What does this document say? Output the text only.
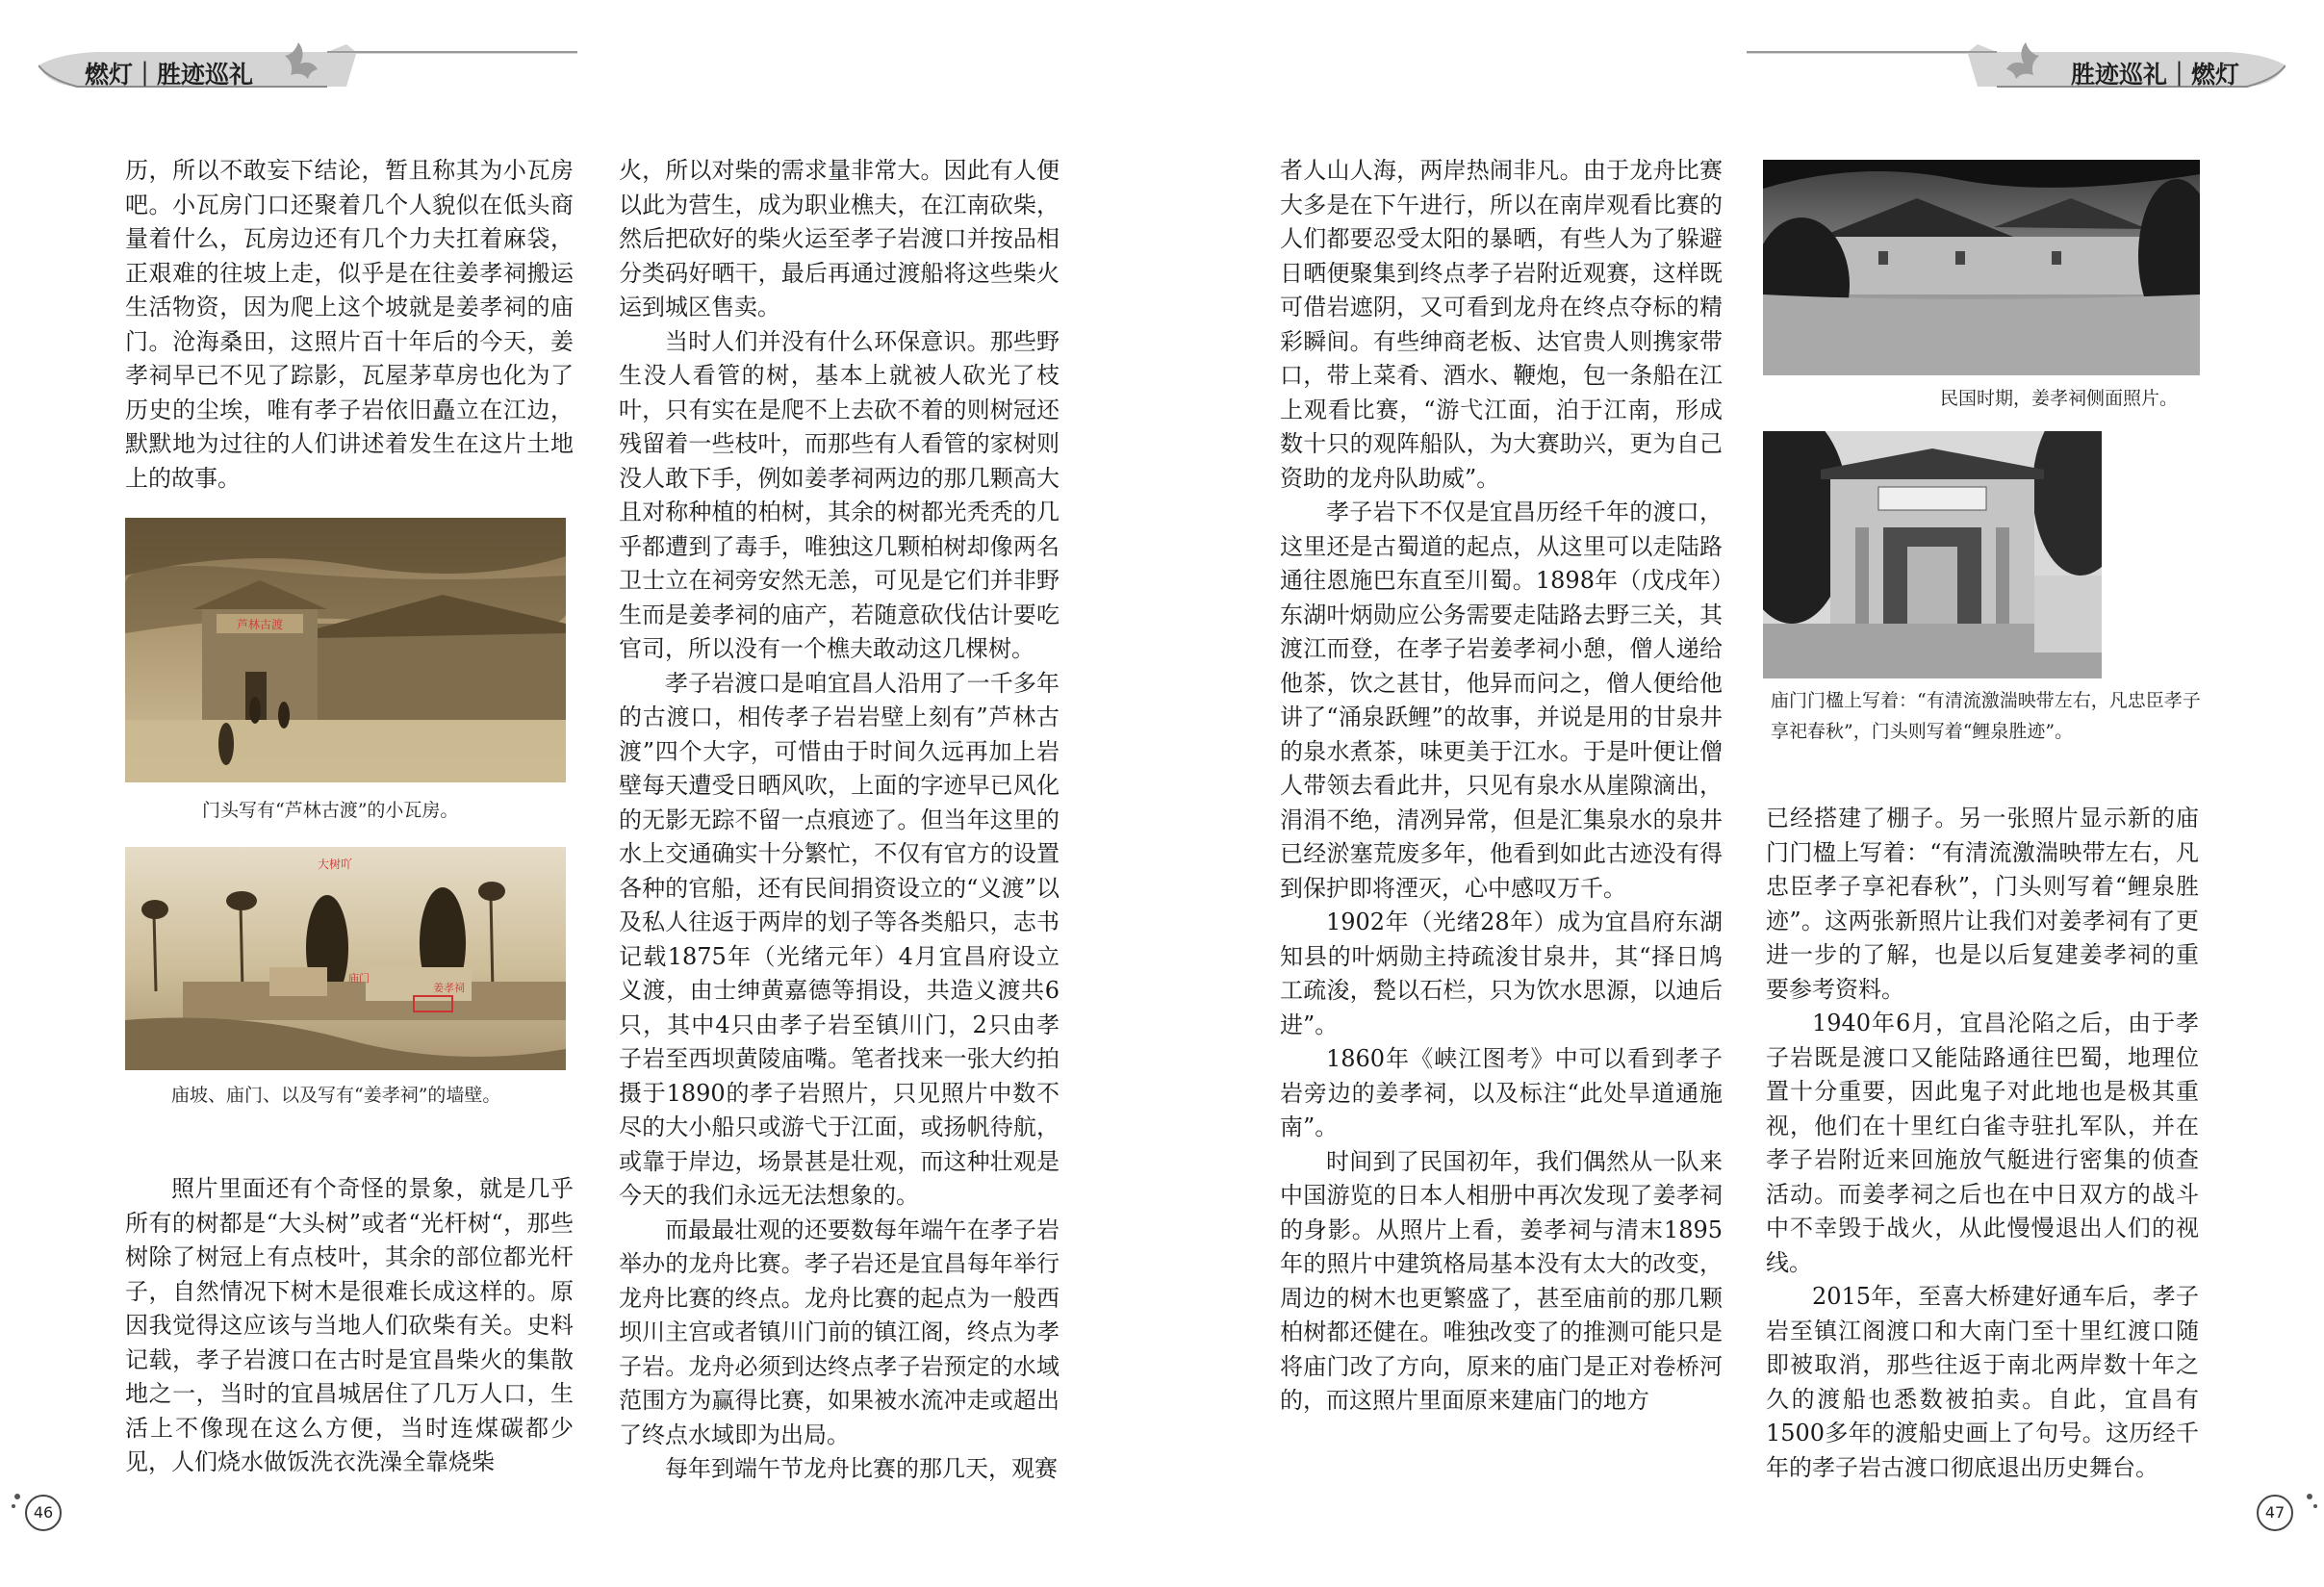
燃灯｜胜迹巡礼	胜迹巡礼｜燃灯

历，所以不敢妄下结论，暂且称其为小瓦房吧。小瓦房门口还聚着几个人貌似在低头商量着什么，瓦房边还有几个力夫扛着麻袋，正艰难的往坡上走，似乎是在往姜孝祠搬运生活物资，因为爬上这个坡就是姜孝祠的庙门。沧海桑田，这照片百十年后的今天，姜孝祠早已不见了踪影，瓦屋茅草房也化为了历史的尘埃，唯有孝子岩依旧矗立在江边，默默地为过往的人们讲述着发生在这片土地上的故事。

芦林古渡
门头写有“芦林古渡”的小瓦房。
大树吖
庙门
姜孝祠
庙坡、庙门、以及写有“姜孝祠”的墙壁。

照片里面还有个奇怪的景象，就是几乎所有的树都是“大头树”或者“光杆树“，那些树除了树冠上有点枝叶，其余的部位都光杆子，自然情况下树木是很难长成这样的。原因我觉得这应该与当地人们砍柴有关。史料记载，孝子岩渡口在古时是宜昌柴火的集散地之一，当时的宜昌城居住了几万人口，生活上不像现在这么方便，当时连煤碳都少见，人们烧水做饭洗衣洗澡全靠烧柴

火，所以对柴的需求量非常大。因此有人便以此为营生，成为职业樵夫，在江南砍柴，然后把砍好的柴火运至孝子岩渡口并按品相分类码好晒干，最后再通过渡船将这些柴火运到城区售卖。

当时人们并没有什么环保意识。那些野生没人看管的树，基本上就被人砍光了枝叶，只有实在是爬不上去砍不着的则树冠还残留着一些枝叶，而那些有人看管的家树则没人敢下手，例如姜孝祠两边的那几颗高大且对称种植的柏树，其余的树都光秃秃的几乎都遭到了毒手，唯独这几颗柏树却像两名卫士立在祠旁安然无恙，可见是它们并非野生而是姜孝祠的庙产，若随意砍伐估计要吃官司，所以没有一个樵夫敢动这几棵树。

孝子岩渡口是咱宜昌人沿用了一千多年的古渡口，相传孝子岩岩壁上刻有”芦林古渡”四个大字，可惜由于时间久远再加上岩壁每天遭受日晒风吹，上面的字迹早已风化的无影无踪不留一点痕迹了。但当年这里的水上交通确实十分繁忙，不仅有官方的设置各种的官船，还有民间捐资设立的“义渡”以及私人往返于两岸的划子等各类船只，志书记载1875年（光绪元年）4月宜昌府设立义渡，由士绅黄嘉德等捐设，共造义渡共6只，其中4只由孝子岩至镇川门，2只由孝子岩至西坝黄陵庙嘴。笔者找来一张大约拍摄于1890的孝子岩照片，只见照片中数不尽的大小船只或游弋于江面，或扬帆待航，或靠于岸边，场景甚是壮观，而这种壮观是今天的我们永远无法想象的。

而最最壮观的还要数每年端午在孝子岩举办的龙舟比赛。孝子岩还是宜昌每年举行龙舟比赛的终点。龙舟比赛的起点为一般西坝川主宫或者镇川门前的镇江阁，终点为孝子岩。龙舟必须到达终点孝子岩预定的水域范围方为赢得比赛，如果被水流冲走或超出了终点水域即为出局。

每年到端午节龙舟比赛的那几天，观赛

者人山人海，两岸热闹非凡。由于龙舟比赛大多是在下午进行，所以在南岸观看比赛的人们都要忍受太阳的暴晒，有些人为了躲避日晒便聚集到终点孝子岩附近观赛，这样既可借岩遮阴，又可看到龙舟在终点夺标的精彩瞬间。有些绅商老板、达官贵人则携家带口，带上菜肴、酒水、鞭炮，包一条船在江上观看比赛，“游弋江面，泊于江南，形成数十只的观阵船队，为大赛助兴，更为自己资助的龙舟队助威”。

孝子岩下不仅是宜昌历经千年的渡口，这里还是古蜀道的起点，从这里可以走陆路通往恩施巴东直至川蜀。1898年（戊戌年）东湖叶炳勋应公务需要走陆路去野三关，其渡江而登，在孝子岩姜孝祠小憩，僧人递给他茶，饮之甚甘，他异而问之，僧人便给他讲了“涌泉跃鲤”的故事，并说是用的甘泉井的泉水煮茶，味更美于江水。于是叶便让僧人带领去看此井，只见有泉水从崖隙滴出，涓涓不绝，清冽异常，但是汇集泉水的泉井已经淤塞荒废多年，他看到如此古迹没有得到保护即将湮灭，心中感叹万千。

1902年（光绪28年）成为宜昌府东湖知县的叶炳勋主持疏浚甘泉井，其“择日鸠工疏浚，甃以石栏，只为饮水思源，以迪后进”。

1860年《峡江图考》中可以看到孝子岩旁边的姜孝祠，以及标注“此处旱道通施南”。

时间到了民国初年，我们偶然从一队来中国游览的日本人相册中再次发现了姜孝祠的身影。从照片上看，姜孝祠与清末1895年的照片中建筑格局基本没有太大的改变，周边的树木也更繁盛了，甚至庙前的那几颗柏树都还健在。唯独改变了的推测可能只是将庙门改了方向，原来的庙门是正对卷桥河的，而这照片里面原来建庙门的地方

民国时期，姜孝祠侧面照片。
庙门门楹上写着：“有清流激湍映带左右，凡忠臣孝子享祀春秋”，门头则写着“鲤泉胜迹”。

已经搭建了棚子。另一张照片显示新的庙门门楹上写着：“有清流激湍映带左右，凡忠臣孝子享祀春秋”，门头则写着“鲤泉胜迹”。这两张新照片让我们对姜孝祠有了更进一步的了解，也是以后复建姜孝祠的重要参考资料。

1940年6月，宜昌沦陷之后，由于孝子岩既是渡口又能陆路通往巴蜀，地理位置十分重要，因此鬼子对此地也是极其重视，他们在十里红白雀寺驻扎军队，并在孝子岩附近来回施放气艇进行密集的侦查活动。而姜孝祠之后也在中日双方的战斗中不幸毁于战火，从此慢慢退出人们的视线。

2015年，至喜大桥建好通车后，孝子岩至镇江阁渡口和大南门至十里红渡口随即被取消，那些往返于南北两岸数十年之久的渡船也悉数被拍卖。自此，宜昌有1500多年的渡船史画上了句号。这历经千年的孝子岩古渡口彻底退出历史舞台。

46	47
